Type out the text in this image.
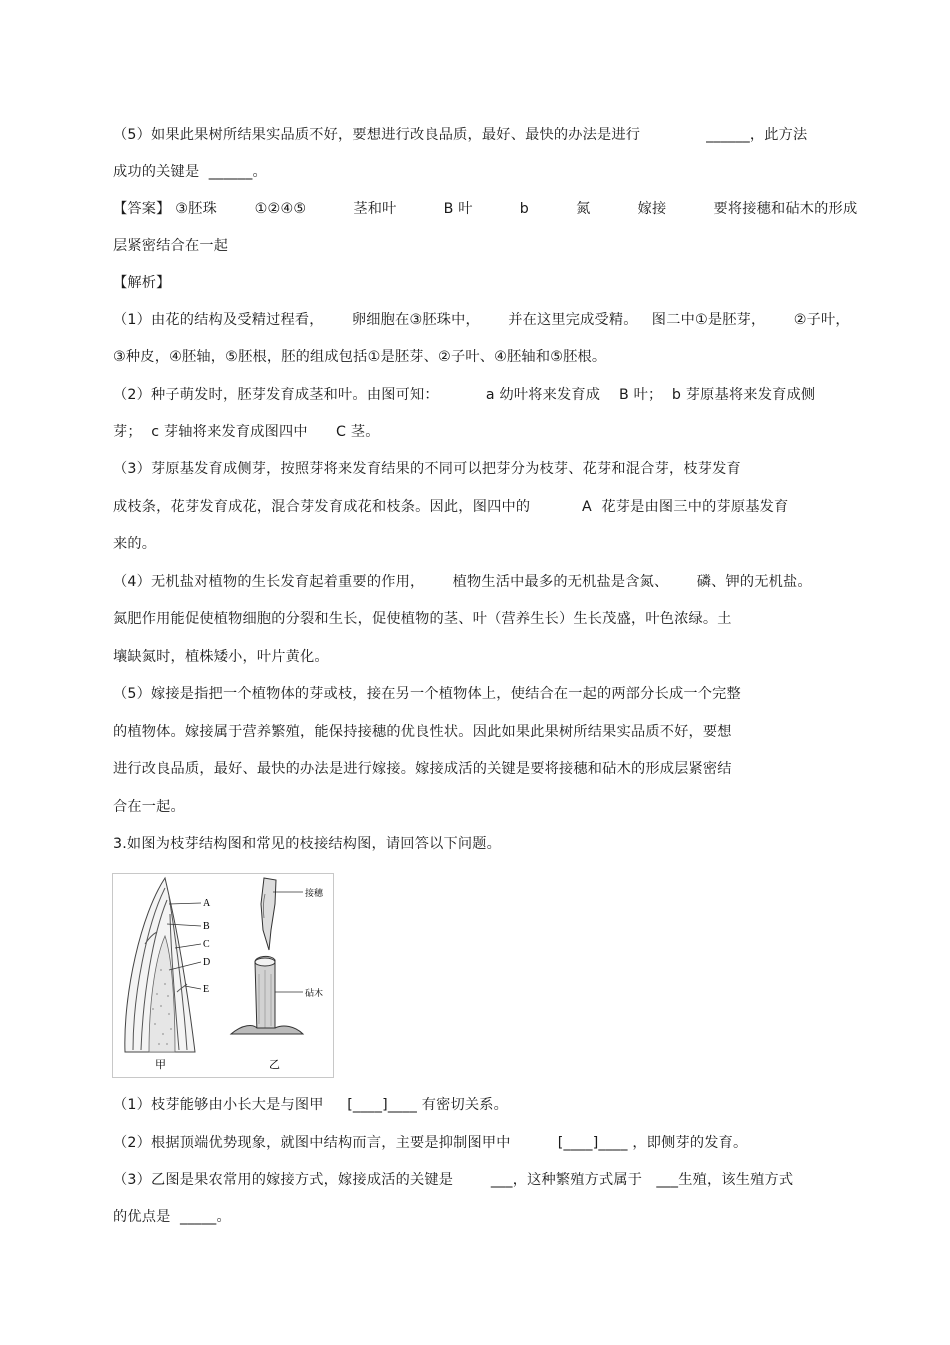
（5）如果此果树所结果实品质不好，要想进行改良品质，最好、最快的办法是进行              ______，此方法
成功的关键是  ______。
【答案】 ③胚珠        ①②④⑤          茎和叶          B 叶          b          氮          嫁接          要将接穗和砧木的形成
层紧密结合在一起
【解析】
（1）由花的结构及受精过程看，      卵细胞在③胚珠中，      并在这里完成受精。   图二中①是胚芽，      ②子叶，
③种皮，④胚轴，⑤胚根，胚的组成包括①是胚芽、②子叶、④胚轴和⑤胚根。
（2）种子萌发时，胚芽发育成茎和叶。由图可知：          a 幼叶将来发育成    B 叶；  b 芽原基将来发育成侧
芽；  c 芽轴将来发育成图四中      C 茎。
（3）芽原基发育成侧芽，按照芽将来发育结果的不同可以把芽分为枝芽、花芽和混合芽，枝芽发育
成枝条，花芽发育成花，混合芽发育成花和枝条。因此，图四中的           A  花芽是由图三中的芽原基发育
来的。
（4）无机盐对植物的生长发育起着重要的作用，      植物生活中最多的无机盐是含氮、      磷、钾的无机盐。
氮肥作用能促使植物细胞的分裂和生长，促使植物的茎、叶（营养生长）生长茂盛，叶色浓绿。土
壤缺氮时，植株矮小，叶片黄化。
（5）嫁接是指把一个植物体的芽或枝，接在另一个植物体上，使结合在一起的两部分长成一个完整
的植物体。嫁接属于营养繁殖，能保持接穗的优良性状。因此如果此果树所结果实品质不好，要想
进行改良品质，最好、最快的办法是进行嫁接。嫁接成活的关键是要将接穗和砧木的形成层紧密结
合在一起。
3.如图为枝芽结构图和常见的枝接结构图，请回答以下问题。
（1）枝芽能够由小长大是与图甲     [____]____ 有密切关系。
（2）根据顶端优势现象，就图中结构而言，主要是抑制图甲中          [____]____ ，即侧芽的发育。
（3）乙图是果农常用的嫁接方式，嫁接成活的关键是        ___，这种繁殖方式属于   ___生殖，该生殖方式
的优点是  _____。
A
B
C
D
E
接穗
砧木
甲	乙
